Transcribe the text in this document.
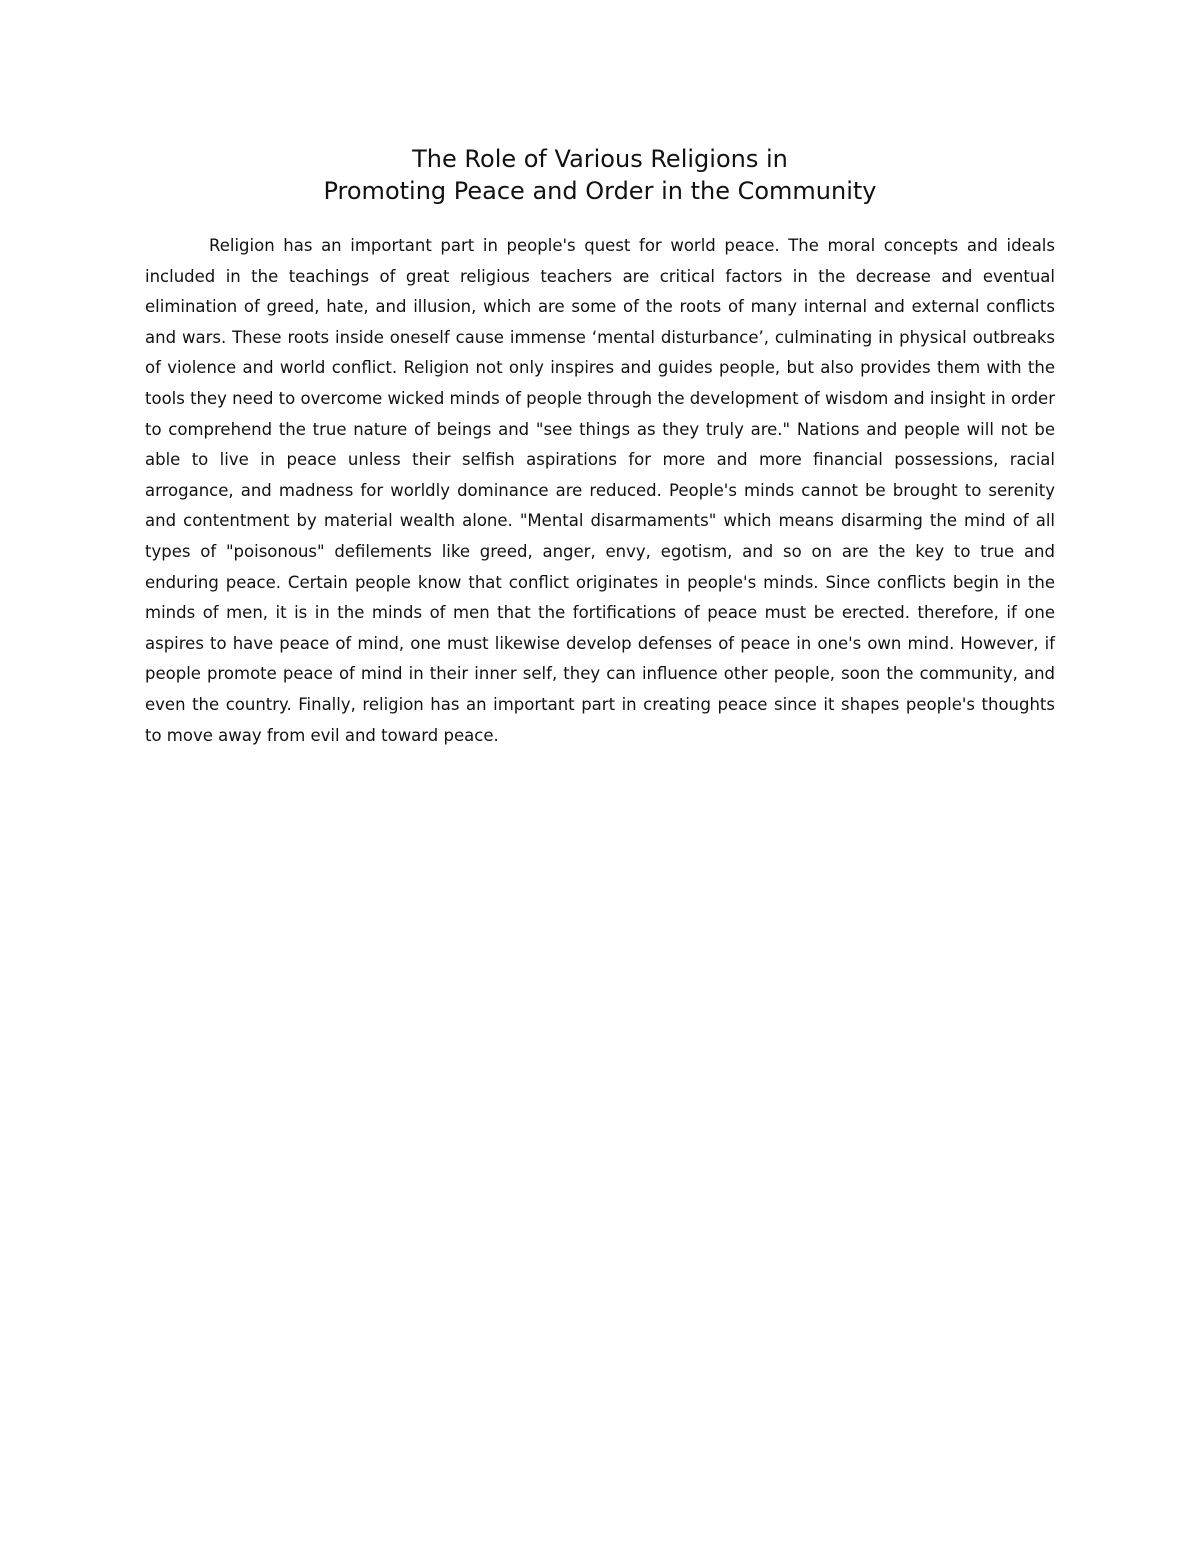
The Role of Various Religions in
Promoting Peace and Order in the Community

Religion has an important part in people's quest for world peace. The moral concepts and ideals included in the teachings of great religious teachers are critical factors in the decrease and eventual elimination of greed, hate, and illusion, which are some of the roots of many internal and external conflicts and wars. These roots inside oneself cause immense ‘mental disturbance’, culminating in physical outbreaks of violence and world conflict. Religion not only inspires and guides people, but also provides them with the tools they need to overcome wicked minds of people through the development of wisdom and insight in order to comprehend the true nature of beings and "see things as they truly are." Nations and people will not be able to live in peace unless their selfish aspirations for more and more financial possessions, racial arrogance, and madness for worldly dominance are reduced. People's minds cannot be brought to serenity and contentment by material wealth alone. "Mental disarmaments" which means disarming the mind of all types of "poisonous" defilements like greed, anger, envy, egotism, and so on are the key to true and enduring peace. Certain people know that conflict originates in people's minds. Since conflicts begin in the minds of men, it is in the minds of men that the fortifications of peace must be erected. therefore, if one aspires to have peace of mind, one must likewise develop defenses of peace in one's own mind. However, if people promote peace of mind in their inner self, they can influence other people, soon the community, and even the country. Finally, religion has an important part in creating peace since it shapes people's thoughts to move away from evil and toward peace.
